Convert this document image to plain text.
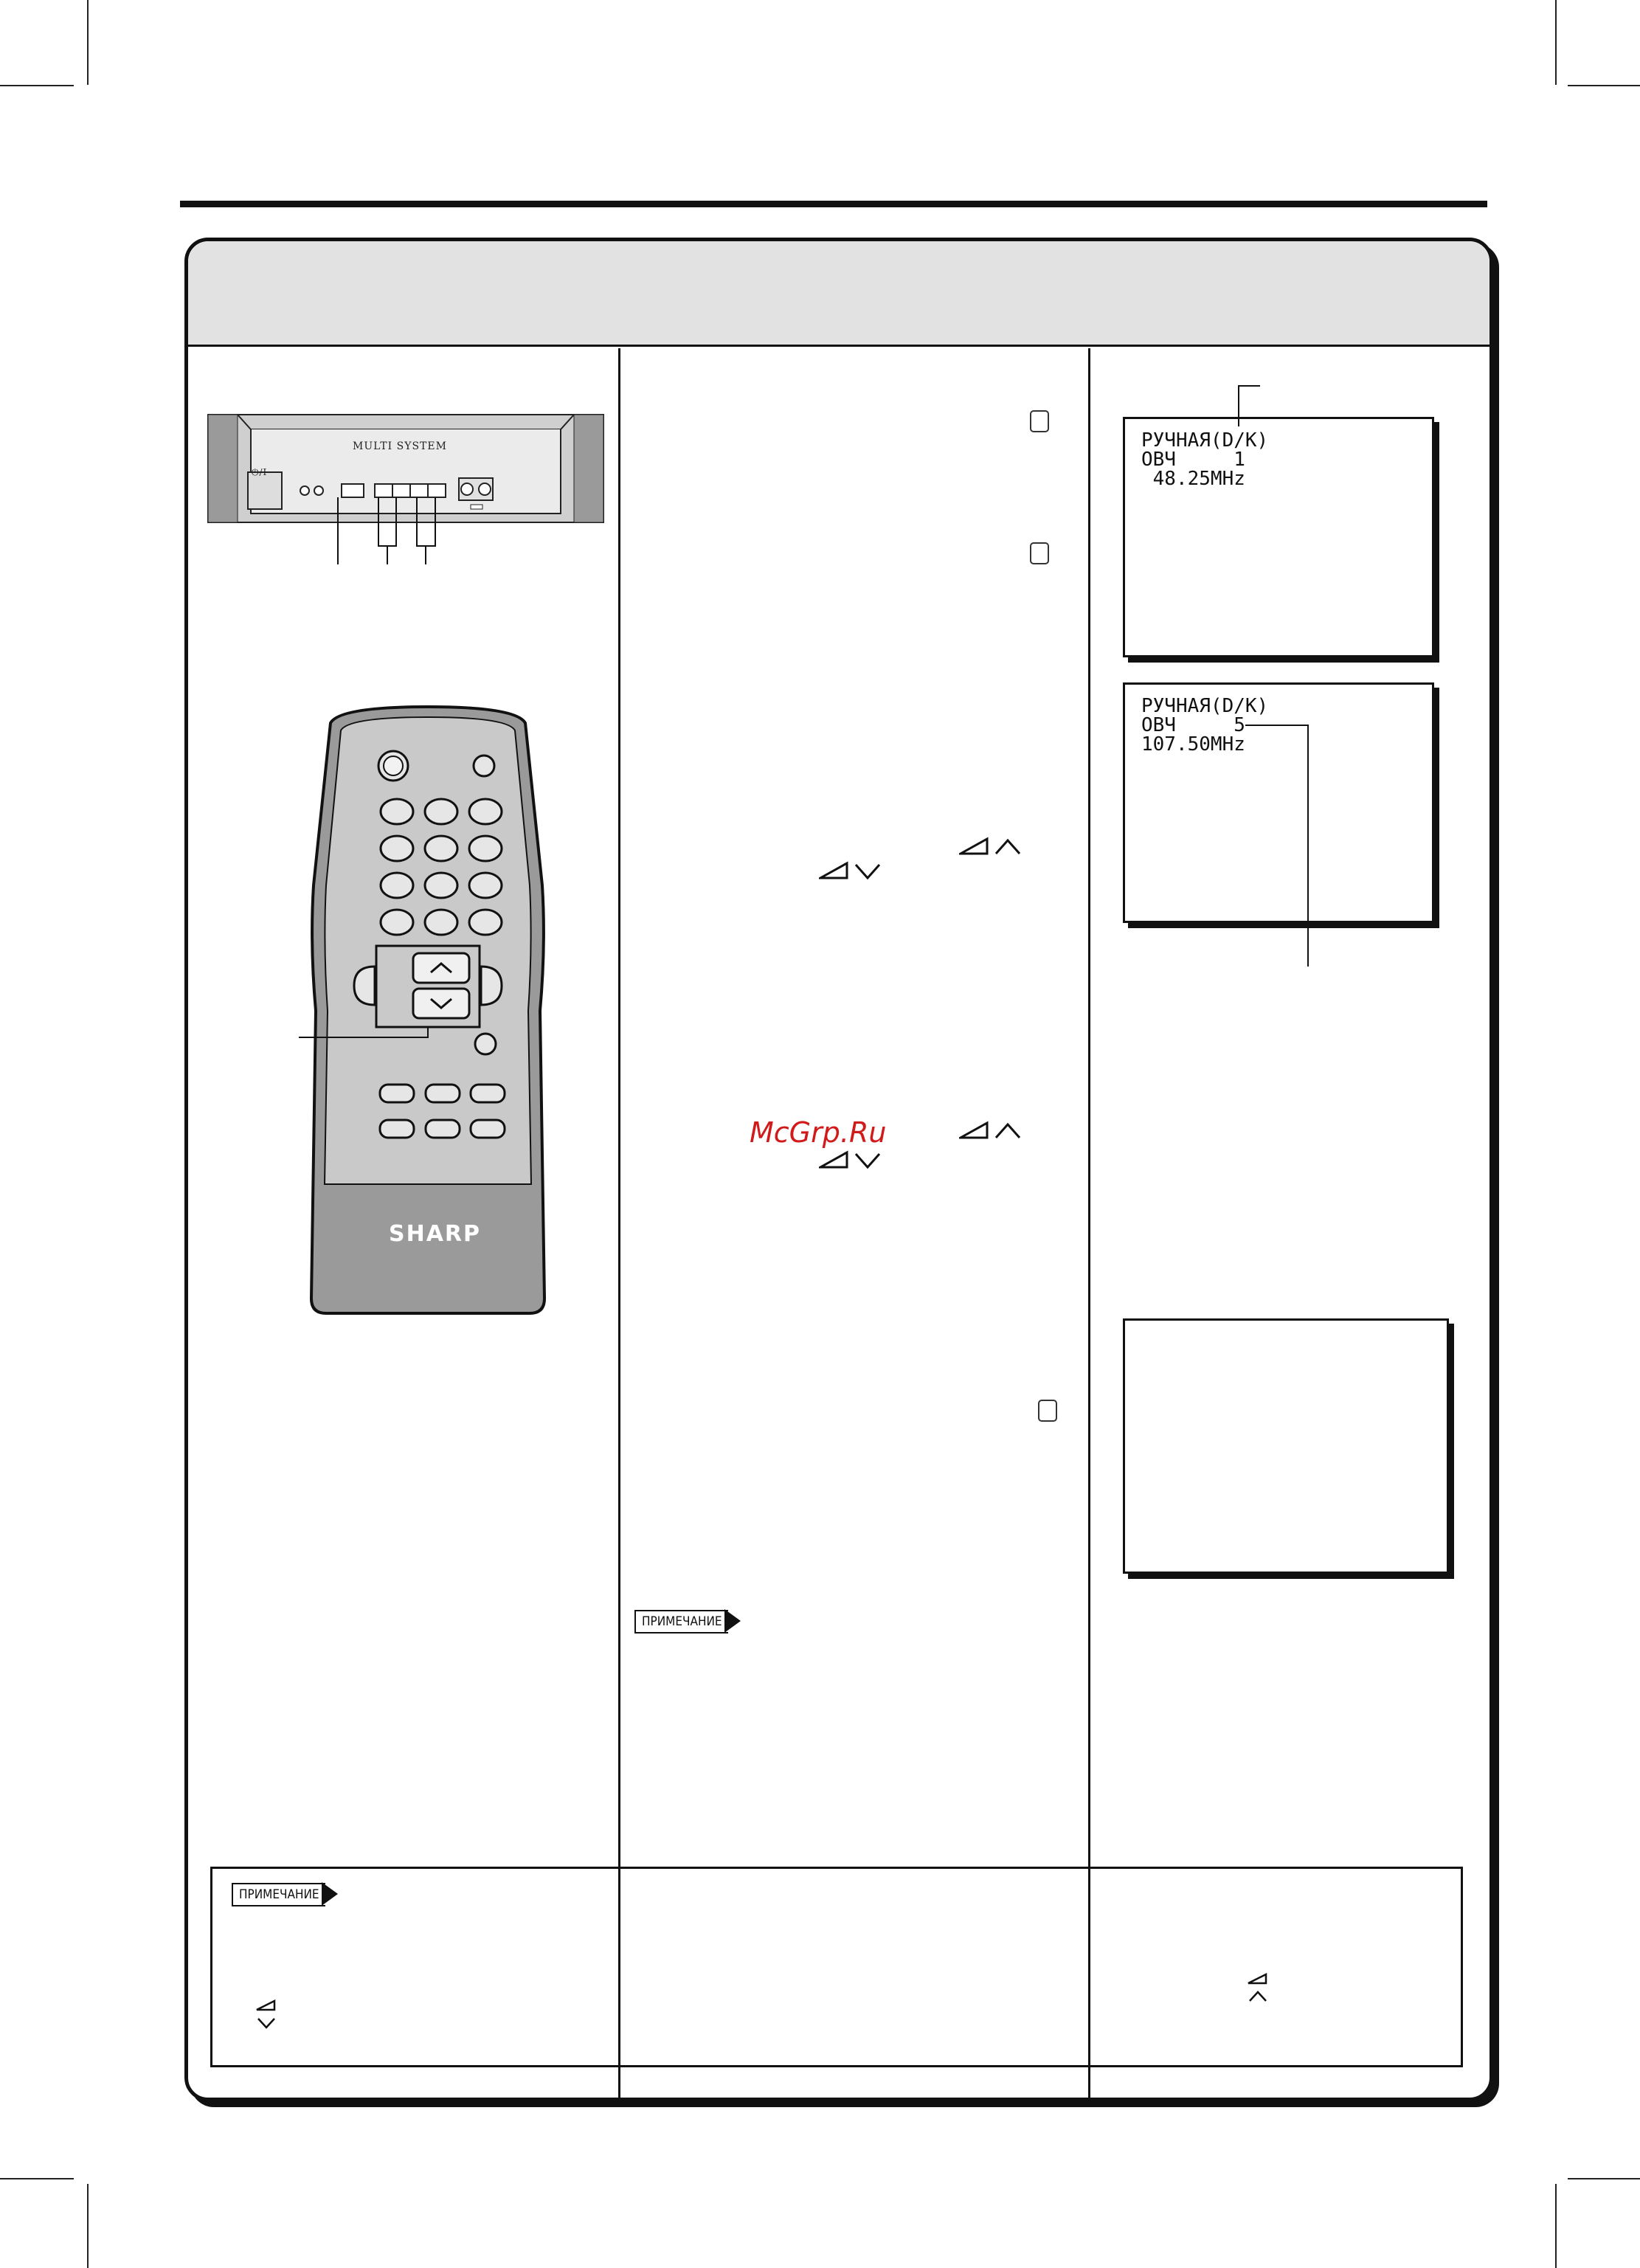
MULTI SYSTEM
⏻/I
SHARP
McGrp.Ru
ПРИМЕЧАНИЕ
РУЧНАЯ(D/K)
ОВЧ     1
48.25MHz
РУЧНАЯ(D/K)
ОВЧ     5
107.50MHz
ПРИМЕЧАНИЕ
